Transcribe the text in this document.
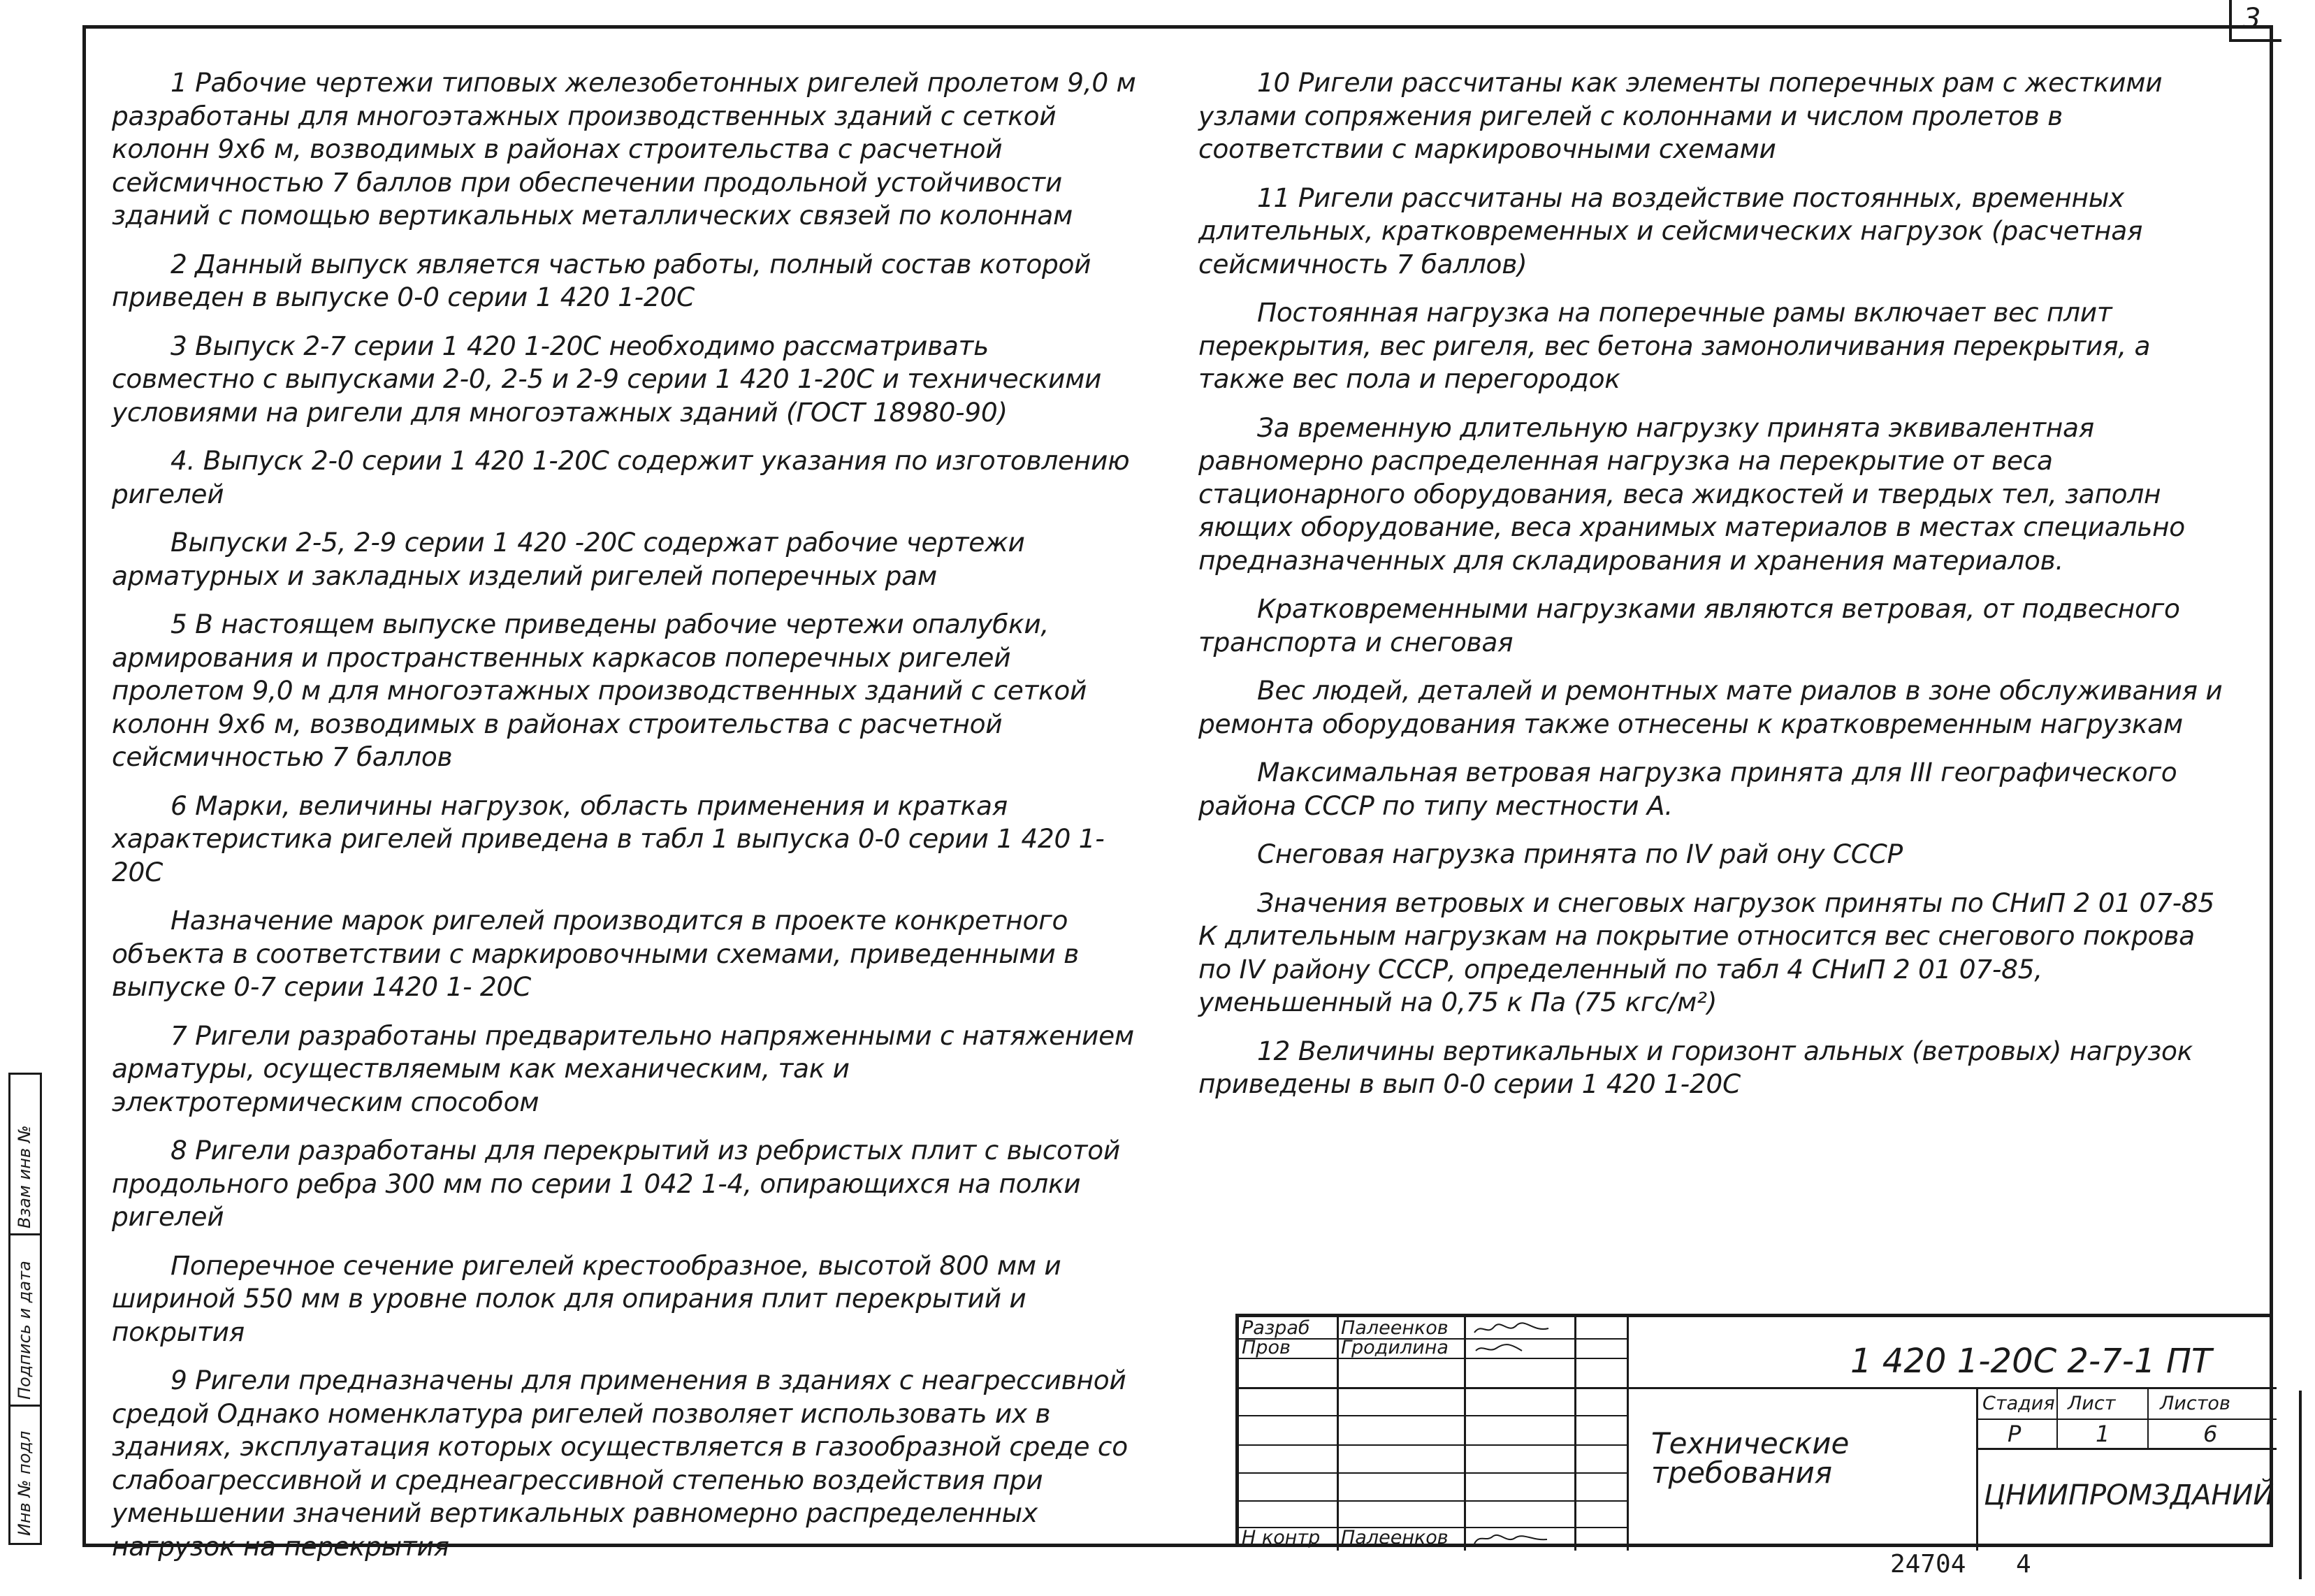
3

1 Рабочие чертежи типовых железобетонных ригелей пролетом 9,0 м разработаны для многоэтажных производственных зданий с сеткой колонн 9х6 м, возводимых в районах строительства с расчетной сейсмичностью 7 баллов при обеспечении продольной устойчивости зданий с помощью вертикальных металлических связей по колоннам

2 Данный выпуск является частью работы, полный состав которой приведен в выпуске 0-0 серии 1 420 1-20С

3 Выпуск 2-7 серии 1 420 1-20С необходимо рассматривать совместно с выпусками 2-0, 2-5 и 2-9 серии 1 420 1-20С и техническими условиями на ригели для многоэтажных зданий (ГОСТ 18980-90)

4. Выпуск 2-0 серии 1 420 1-20С содержит указания по изготовлению ригелей

Выпуски 2-5, 2-9 серии 1 420 -20С содержат рабочие чертежи арматурных и закладных изделий ригелей поперечных рам

5 В настоящем выпуске приведены рабочие чертежи опалубки, армирования и пространственных каркасов поперечных ригелей пролетом 9,0 м для многоэтажных производственных зданий с сеткой колонн 9х6 м, возводимых в районах строительства с расчетной сейсмичностью 7 баллов

6 Марки, величины нагрузок, область применения и краткая характеристика ригелей приведена в табл 1 выпуска 0-0 серии 1 420 1- 20С

Назначение марок ригелей производится в проекте конкретного объекта в соответствии с маркировочными схемами, приведенными в выпуске 0-7 серии 1420 1- 20С

7 Ригели разработаны предварительно напряженными с натяжением арматуры, осуществляемым как механическим, так и электротермическим способом

8 Ригели разработаны для перекрытий из ребристых плит с высотой продольного ребра 300 мм по серии 1 042 1-4, опирающихся на полки ригелей

Поперечное сечение ригелей крестообразное, высотой 800 мм и шириной 550 мм в уровне полок для опирания плит перекрытий и покрытия

9 Ригели предназначены для применения в зданиях с неагрессивной средой Однако номенклатура ригелей позволяет использовать их в зданиях, эксплуатация которых осуществляется в газообразной среде со слабоагрессивной и среднеагрессивной степенью воздействия при уменьшении значений вертикальных равномерно распределенных нагрузок на перекрытия

10 Ригели рассчитаны как элементы поперечных рам с жесткими узлами сопряжения ригелей с колоннами и числом пролетов в соответствии с маркировочными схемами

11 Ригели рассчитаны на воздействие постоянных, временных длительных, кратковременных и сейсмических нагрузок (расчетная сейсмичность 7 баллов)

Постоянная нагрузка на поперечные рамы включает вес плит перекрытия, вес ригеля, вес бетона замоноличивания перекрытия, а также вес пола и перегородок

За временную длительную нагрузку принята эквивалентная равномерно распределенная нагрузка на перекрытие от веса стационарного оборудования, веса жидкостей и твердых тел, заполн яющих оборудование, веса хранимых материалов в местах специально предназначенных для складирования и хранения материалов.

Кратковременными нагрузками являются ветровая, от подвесного транспорта и снеговая

Вес людей, деталей и ремонтных мате риалов в зоне обслуживания и ремонта оборудования также отнесены к кратковременным нагрузкам

Максимальная ветровая нагрузка принята для III географического района СССР по типу местности А.

Снеговая нагрузка принята по IV рай ону СССР

Значения ветровых и снеговых нагрузок приняты по СНиП 2 01 07-85 К длительным нагрузкам на покрытие относится вес снегового покрова по IV району СССР, определенный по табл 4 СНиП 2 01 07-85, уменьшенный на 0,75 к Па (75 кгс/м²)

12 Величины вертикальных и горизонт альных (ветровых) нагрузок приведены в вып 0-0 серии 1 420 1-20С

Взам инв №
Подпись и дата
Инв № подл
Разраб Палеенков
Пров	Гродилина
Н контр Палеенков
1 420 1-20С 2-7-1 ПТ
Технические требования
Стадия Лист Листов
Р	1	6
ЦНИИПРОМЗДАНИЙ
24704 4
